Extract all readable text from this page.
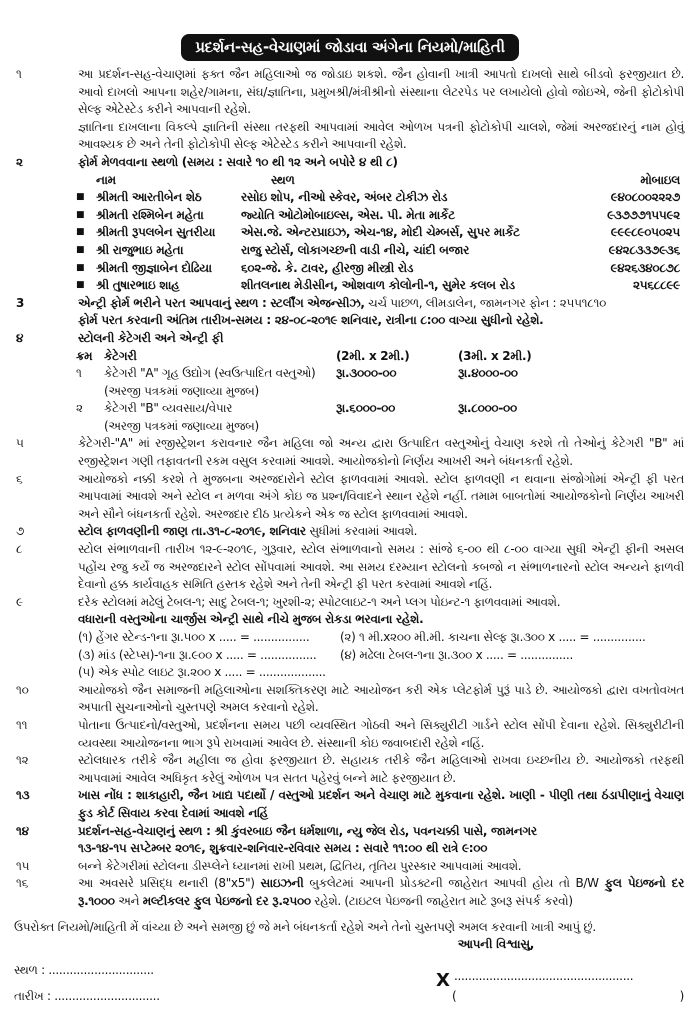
પ્રદર્શન-સહ-વેચાણમાં જોડાવા અંગેના નિયમો/માહિતી
૧	આ પ્રદર્શન-સહ-વેચાણમાં ફક્ત જૈન મહિલાઓ જ જોડાઇ શકશે. જૈન હોવાની ખાત્રી આપતો દાખલો સાથે બીડવો ફરજીયાત છે. આવો દાખલો આપના શહેર/ગામના, સંઘ/જ્ઞાતિના, પ્રમુખશ્રી/મંત્રીશ્રીનો સંસ્થાના લેટરપેડ પર લખાયેલો હોવો જોઇએ, જેની ફોટોકોપી સેલ્ફ એટેસ્ટેડ કરીને આપવાની રહેશે.
જ્ઞાતિના દાખલાના વિકલ્પે જ્ઞાતિની સંસ્થા તરફથી આપવામાં આવેલ ઓળખ પત્રની ફોટોકોપી ચાલશે, જેમાં અરજદારનું નામ હોવું આવશ્યક છે અને તેની ફોટોકોપી સેલ્ફ એટેસ્ટેડ કરીને આપવાની રહેશે.
૨	ફોર્મ મેળવવાના સ્થળો (સમય : સવારે ૧૦ થી ૧૨ અને બપોરે ૪ થી ૮)
નામ	સ્થળ	મોબાઇલ
■ શ્રીમતી આરતીબેન શેઠ	રસોઇ શોપ, નીઓ સ્કેવર, અંબર ટોકીઝ રોડ	૯૪૦૮૦૦૨૨૨૭
■ શ્રીમતી રશ્મિબેન મહેતા	જ્યોતિ ઓટોમોબાઇલ્સ, એસ. પી. મેતા માર્કેટ	૯૩૭૭૭૧૫૫૯૨
■ શ્રીમતી રૂપલબેન સુતરીયા	એસ.જે. એન્ટરપ્રાઇઝ, એચ-૧૪, મોદી ચેમ્બર્સ, સુપર માર્કેટ	૯૯૯૮૯૦૫૦૨૫
■ શ્રી રાજુભાઇ મહેતા	રાજુ સ્ટોર્સ, લોકાગચ્છની વાડી નીચે, ચાંદી બજાર	૯૪૨૮૩૩૭૯૩૬
■ શ્રીમતી જીજ્ઞાબેન દોઢિયા	૬૦૨-જે. કે. ટાવર, હીરજી મીસ્ત્રી રોડ	૯૪૨૬૩૪૦૮૭૮
■ શ્રી તુષારભાઇ શાહ	શીતલનાથ મેડીસીન, ઓશવાળ કોલોની-૧, સુમેર કલબ રોડ	૨૫૬૮૮૯૯
3	એન્ટ્રી ફોર્મ ભરીને પરત આપવાનું સ્થળ : સ્ટર્લીંગ એજન્સીઝ, ચર્ચ પાછળ, લીમડાલેન, જામનગર ફોન : ૨૫૫૧૮૧૦
ફોર્મ પરત કરવાની અંતિમ તારીખ-સમય : ૨૪-૦૮-૨૦૧૯ શનિવાર, રાત્રીના ૮:૦૦ વાગ્યા સુધીનો રહેશે.
૪	સ્ટોલની કેટેગરી અને એન્ટ્રી ફી
ક્રમ કેટેગરી	(2મી. x 2મી.)	(3મી. x 2મી.)
૧	કેટેગરી "A" ગૃહ ઉદ્યોગ (સ્વઉત્પાદિત વસ્તુઓ)	રૂા.૩૦૦૦-૦૦	રૂા.૪૦૦૦-૦૦
(અરજી પત્રકમાં જણાવ્યા મુજબ)
૨	કેટેગરી "B" વ્યવસાય/વેપાર	રૂા.૬૦૦૦-૦૦	રૂા.૮૦૦૦-૦૦
(અરજી પત્રકમાં જણાવ્યા મુજબ)
૫	કેટેગરી-"A" માં રજીસ્ટ્રેશન કરાવનાર જૈન મહિલા જો અન્ય દ્વારા ઉત્પાદિત વસ્તુઓનું વેચાણ કરશે તો તેઓનું કેટેગરી "B" માં રજીસ્ટ્રેશન ગણી તફાવતની રકમ વસુલ કરવામાં આવશે. આયોજકોનો નિર્ણય આખરી અને બંધનકર્તા રહેશે.
૬	આયોજકો નક્કી કરશે તે મુજબના અરજદારોને સ્ટોલ ફાળવવામાં આવશે. સ્ટોલ ફાળવણી ન થવાના સંજોગોમાં એન્ટ્રી ફી પરત આપવામાં આવશે અને સ્ટોલ ન મળવા અંગે કોઇ જ પ્રશ્ન/વિવાદને સ્થાન રહેશે નહીં. તમામ બાબતોમાં આયોજકોનો નિર્ણય આખરી અને સૌને બંધનકર્તા રહેશે. અરજદાર દીઠ પ્રત્યેકને એક જ સ્ટોલ ફાળવવામાં આવશે.
૭	સ્ટોલ ફાળવણીની જાણ તા.૩૧-૮-૨૦૧૯, શનિવાર સુધીમાં કરવામાં આવશે.
૮	સ્ટોલ સંભાળવાની તારીખ ૧૨-૯-૨૦૧૯, ગુરૂવાર, સ્ટોલ સંભાળવાનો સમય : સાંજે ૬-૦૦ થી ૮-૦૦ વાગ્યા સુધી એન્ટ્રી ફીની અસલ પહોંચ રજુ કર્યે જ અરજદારને સ્ટોલ સોંપવામાં આવશે. આ સમય દરમ્યાન સ્ટોલનો કબજો ન સંભાળનારનો સ્ટોલ અન્યને ફાળવી દેવાનો હક્ક કાર્યવાહક સમિતિ હસ્તક રહેશે અને તેની એન્ટ્રી ફી પરત કરવામાં આવશે નહિં.
૯	દરેક સ્ટોલમાં મઢેલું ટેબલ-૧; સાદુ ટેબલ-૧; ખુરશી-૨; સ્પોટલાઇટ-૧ અને પ્લગ પોઇન્ટ-૧ ફાળવવામાં આવશે.
વધારાની વસ્તુઓના ચાર્જીસ એન્ટ્રી સાથે નીચે મુજબ રોકડા ભરવાના રહેશે.
(૧) હેંગર સ્ટેન્ડ-૧ના રૂા.૫૦૦ x ..... = ................	(૨) ૧ મી.x૨૦૦ મી.મી. કાચના સેલ્ફ રૂા.૩૦૦ x ..... = ...............
(૩) માંડ (સ્ટેપ્સ)-૧ના રૂા.૯૦૦ x ..... = ................	(૪) મઢેલા ટેબલ-૧ના રૂા.૩૦૦ x ..... = ...............
(૫) એક સ્પોટ લાઇટ રૂા.૨૦૦ x ..... = ...................
૧૦	આયોજકો જૈન સમાજની મહિલાઓના સશક્તિકરણ માટે આયોજન કરી એક પ્લેટફોર્મ પુરૂં પાડે છે. આયોજકો દ્વારા વખતોવખત અપાતી સુચનાઓનો ચુસ્તપણે અમલ કરવાનો રહેશે.
૧૧	પોતાના ઉત્પાદનો/વસ્તુઓ, પ્રદર્શનના સમય પછી વ્યવસ્થિત ગોઠવી અને સિક્યુરીટી ગાર્ડને સ્ટોલ સોંપી દેવાના રહેશે. સિક્યુરીટીની વ્યવસ્થા આયોજનના ભાગ રૂપે રાખવામાં આવેલ છે. સંસ્થાની કોઇ જવાબદારી રહેશે નહિં.
૧૨	સ્ટોલધારક તરીકે જૈન મહીલા જ હોવા ફરજીયાત છે. સહાયક તરીકે જૈન મહિલાઓ રાખવા ઇચ્છનીય છે. આયોજકો તરફથી આપવામાં આવેલ અધિકૃત કરેલું ઓળખ પત્ર સતત પહેરવું બન્ને માટે ફરજીયાત છે.
૧૩	ખાસ નોંધ : શાકાહારી, જૈન ખાદ્ય પદાર્થો / વસ્તુઓ પ્રદર્શન અને વેચાણ માટે મુકવાના રહેશે. ખાણી - પીણી તથા ઠંડાપીણાનું વેચાણ ફુડ કોર્ટ સિવાય કરવા દેવામાં આવશે નહિં
૧૪	પ્રદર્શન-સહ-વેચાણનું સ્થળ : શ્રી કુંવરબાઇ જૈન ધર્મશાળા, ન્યુ જેલ રોડ, પવનચક્કી પાસે, જામનગર
૧૩-૧૪-૧૫ સપ્ટેમ્બર ૨૦૧૯, શુક્રવાર-શનિવાર-રવિવાર સમય : સવારે ૧૧:૦૦ થી રાત્રે ૯:૦૦
૧૫	બન્ને કેટેગરીમાં સ્ટોલના ડીસ્પ્લેને ધ્યાનમાં રાખી પ્રથમ, દ્વિતિય, તૃતિય પુરસ્કાર આપવામાં આવશે.
૧૬	આ અવસરે પ્રસિદ્ધ થનારી (8"x5") સાઇઝની બુકલેટમાં આપની પ્રોડક્ટની જાહેરાત આપવી હોય તો B/W ફુલ પેઇજનો દર રૂ.૧૦૦૦ અને મલ્ટીકલર ફુલ પેઇજનો દર રૂ.૨૫૦૦ રહેશે. (ટાઇટલ પેઇજની જાહેરાત માટે રૂબરૂ સંપર્ક કરવો)
ઉપરોક્ત નિયમો/માહિતી મેં વાંચ્યા છે અને સમજી છું જે મને બંધનકર્તા રહેશે અને તેનો ચુસ્તપણે અમલ કરવાની ખાત્રી આપું છું.
આપની વિશ્વાસુ,
સ્થળ : ..............................
તારીખ : ..............................
X ...................................................
(	)
